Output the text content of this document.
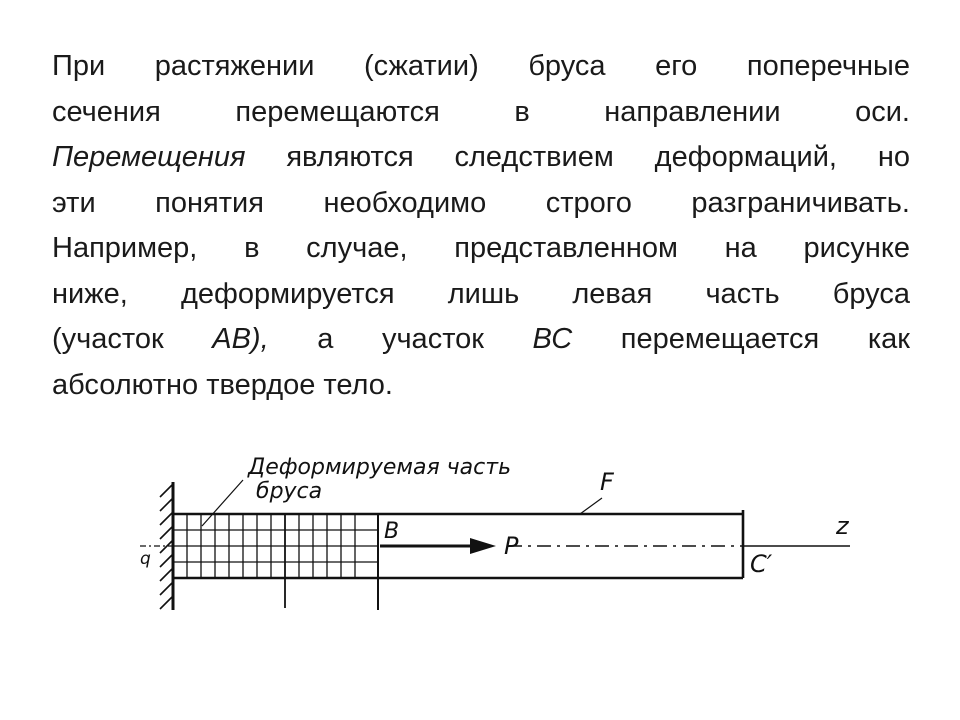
При растяжении (сжатии) бруса его поперечные
сечения	перемещаются	в	направлении	оси.
Перемещения являются следствием деформаций, но
эти понятия необходимо строго разграничивать.
Например, в случае, представленном на рисунке
ниже, деформируется лишь левая часть бруса
(участок АВ), а участок ВС перемещается как
абсолютно твердое тело.
Деформируемая часть
бруса	F
B
P
C′
z
q
